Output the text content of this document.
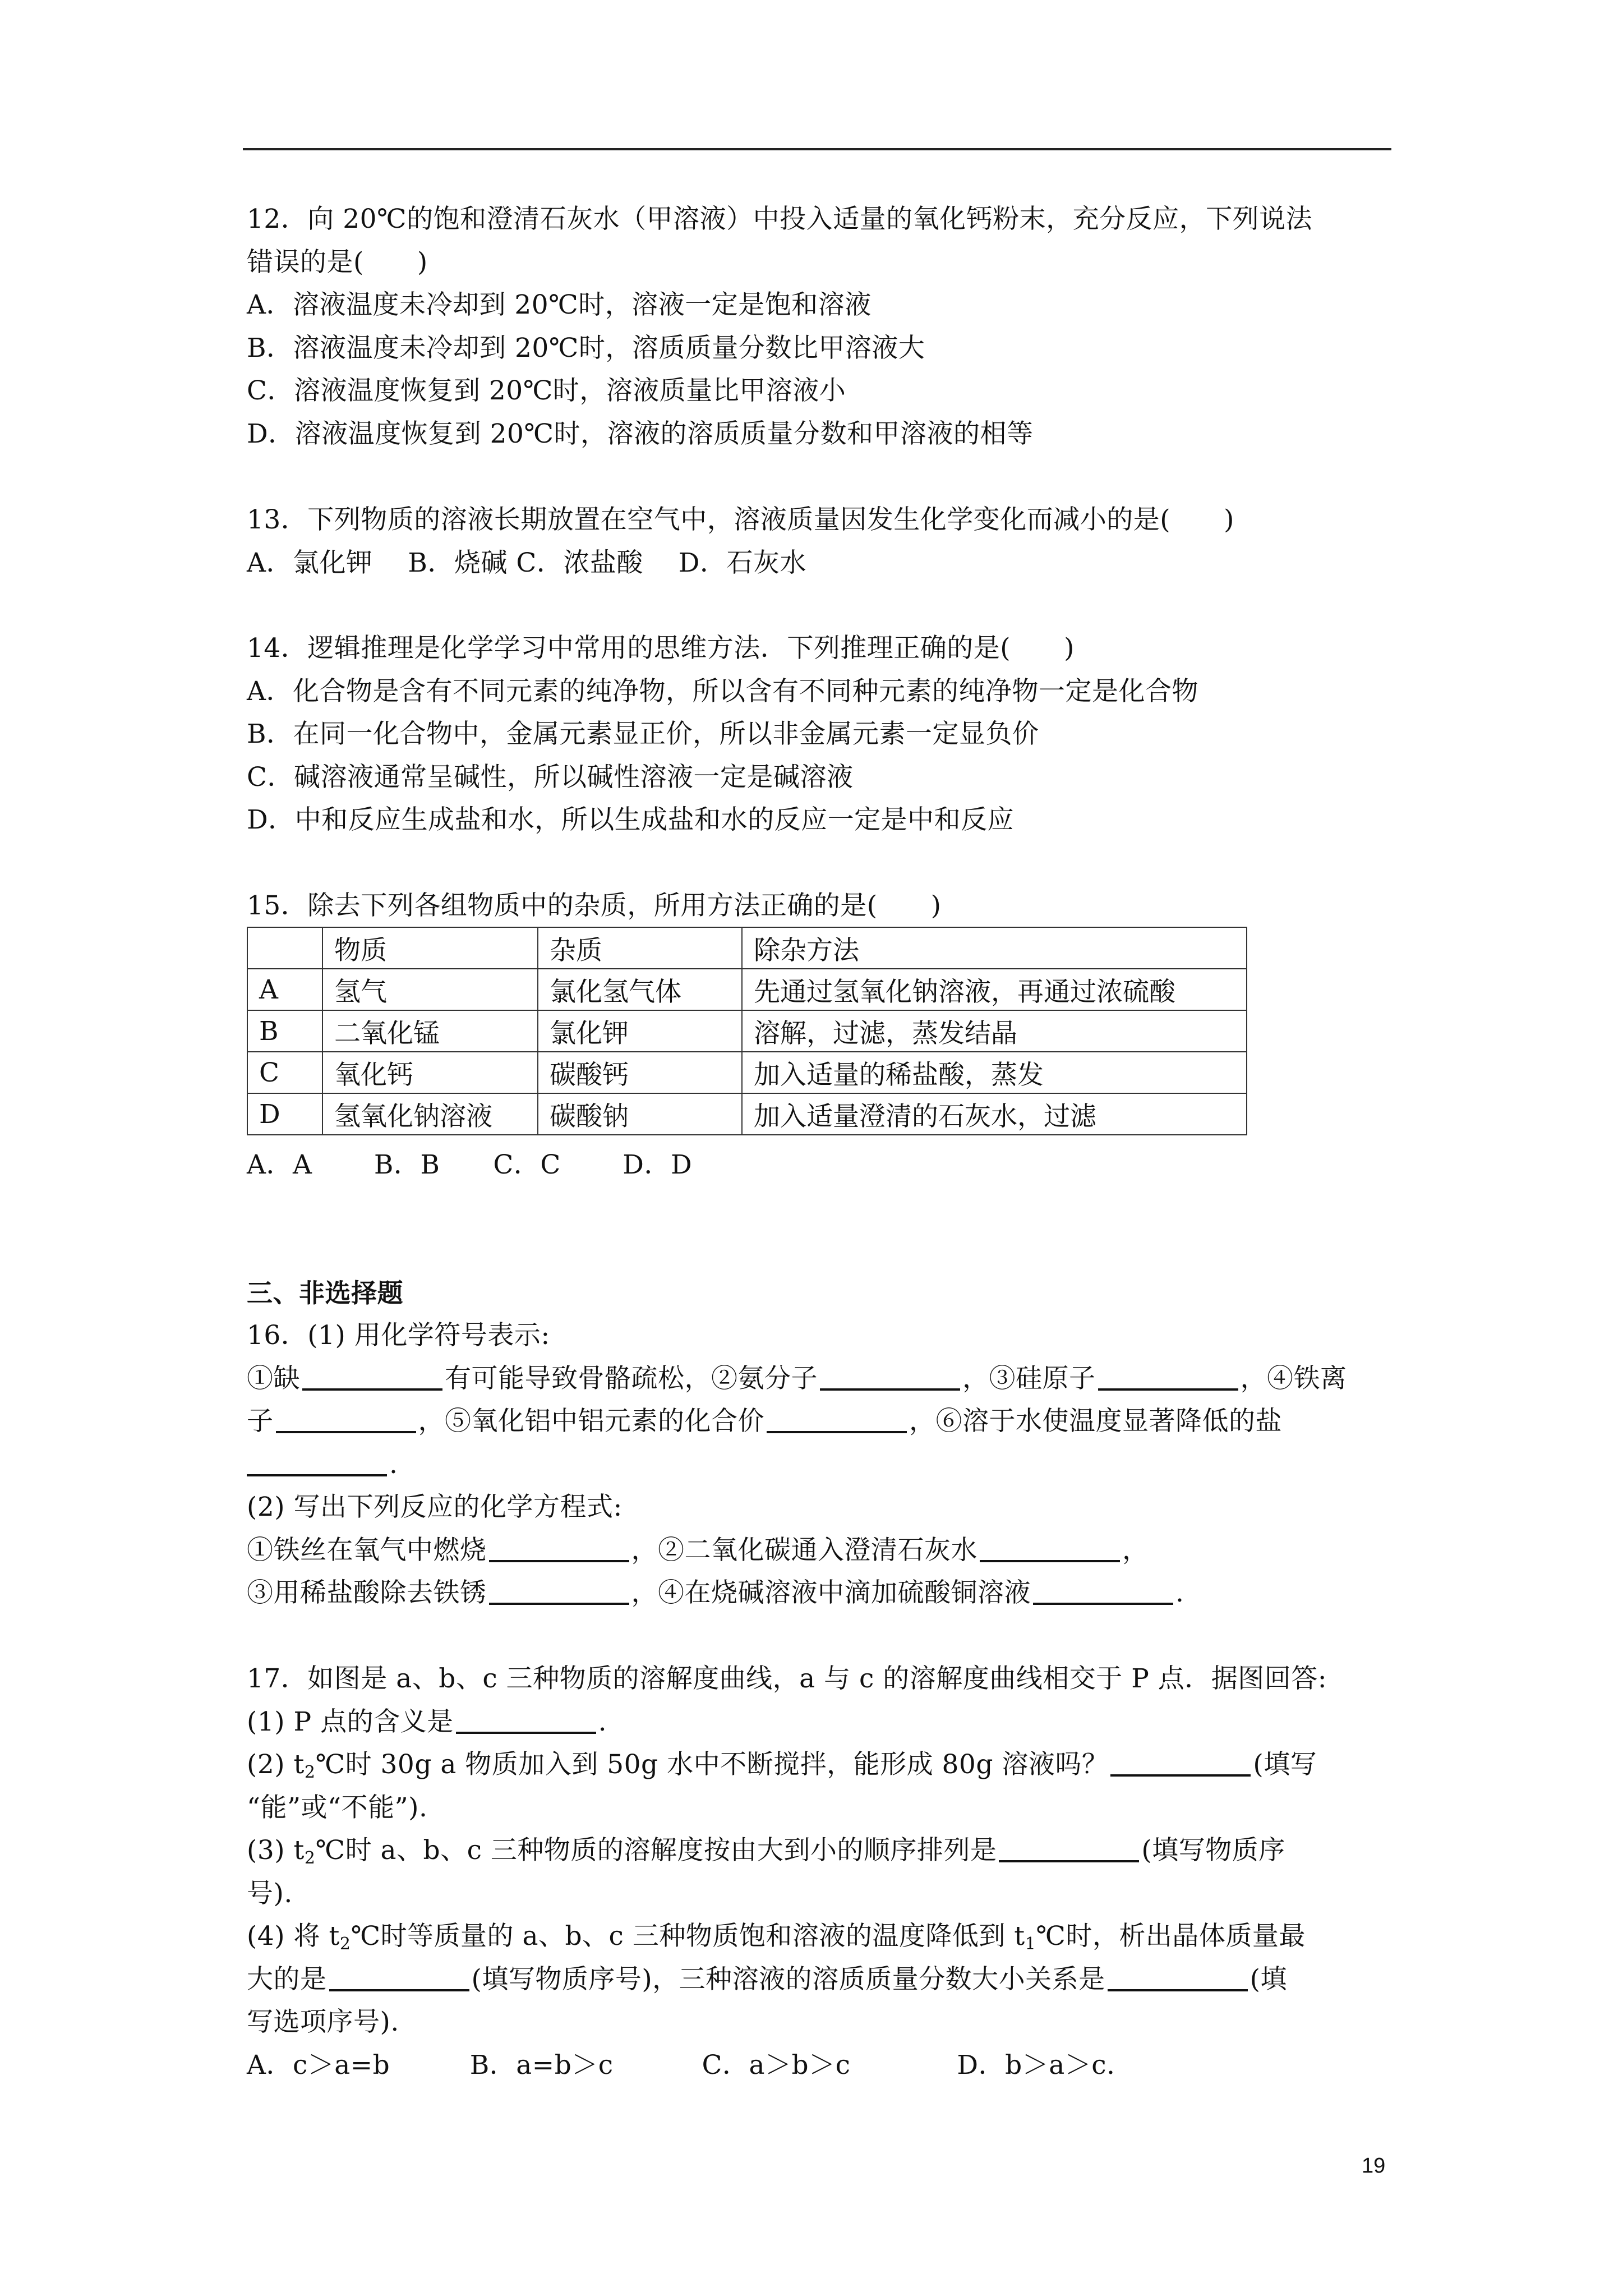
12．向 20℃的饱和澄清石灰水（甲溶液）中投入适量的氧化钙粉末，充分反应，下列说法
错误的是(　　)
A．溶液温度未冷却到 20℃时，溶液一定是饱和溶液
B．溶液温度未冷却到 20℃时，溶质质量分数比甲溶液大
C．溶液温度恢复到 20℃时，溶液质量比甲溶液小
D．溶液温度恢复到 20℃时，溶液的溶质质量分数和甲溶液的相等
13．下列物质的溶液长期放置在空气中，溶液质量因发生化学变化而减小的是(　　)
A．氯化钾　 B．烧碱 C．浓盐酸　 D．石灰水
14．逻辑推理是化学学习中常用的思维方法．下列推理正确的是(　　)
A．化合物是含有不同元素的纯净物，所以含有不同种元素的纯净物一定是化合物
B．在同一化合物中，金属元素显正价，所以非金属元素一定显负价
C．碱溶液通常呈碱性，所以碱性溶液一定是碱溶液
D．中和反应生成盐和水，所以生成盐和水的反应一定是中和反应
15．除去下列各组物质中的杂质，所用方法正确的是(　　)
	物质	杂质	除杂方法
A	氢气	氯化氢气体	先通过氢氧化钠溶液，再通过浓硫酸
B	二氧化锰	氯化钾	溶解，过滤，蒸发结晶
C	氧化钙	碳酸钙	加入适量的稀盐酸，蒸发
D	氢氧化钠溶液	碳酸钠	加入适量澄清的石灰水，过滤
A．A　　 B．B　　C．C　　 D．D
三、非选择题
16．(1) 用化学符号表示:
①缺	有可能导致骨骼疏松，②氨分子	，③硅原子	，④铁离
子	，⑤氧化铝中铝元素的化合价	，⑥溶于水使温度显著降低的盐
.
(2) 写出下列反应的化学方程式:
①铁丝在氧气中燃烧	，②二氧化碳通入澄清石灰水	，
③用稀盐酸除去铁锈	，④在烧碱溶液中滴加硫酸铜溶液	.
17．如图是 a、b、c 三种物质的溶解度曲线，a 与 c 的溶解度曲线相交于 P 点．据图回答:
(1) P 点的含义是	.
(2) $t_2℃$时 30g a 物质加入到 50g 水中不断搅拌，能形成 80g 溶液吗？	(填写
“能”或“不能”).
(3) $t_2℃$时 a、b、c 三种物质的溶解度按由大到小的顺序排列是	(填写物质序
号).
(4) 将 $t_2℃$时等质量的 a、b、c 三种物质饱和溶液的温度降低到 $t_1℃$时，析出晶体质量最
大的是	(填写物质序号)，三种溶液的溶质质量分数大小关系是	(填
写选项序号).
A．c＞a=b　　　B．a=b＞c　　　 C．a＞b＞c　　　　D．b＞a＞c.
19
